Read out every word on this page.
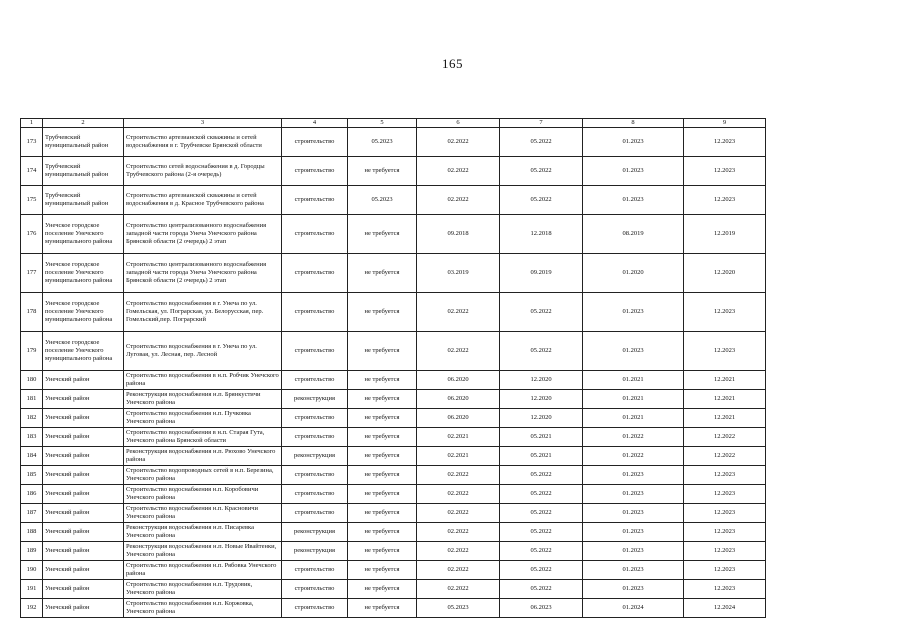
165
1	2	3	4	5	6	7	8	9
173	Трубчевский муниципальный район	Строительство артезианской скважины и сетей водоснабжения в г. Трубчевске Брянской области	строительство	05.2023	02.2022	05.2022	01.2023	12.2023
174	Трубчевский муниципальный район	Строительство сетей водоснабжения в д. Городцы Трубчевского района (2-я очередь)	строительство	не требуется	02.2022	05.2022	01.2023	12.2023
175	Трубчевский муниципальный район	Строительство артезианской скважины и сетей водоснабжения в д. Красное Трубчевского района	строительство	05.2023	02.2022	05.2022	01.2023	12.2023
176	Унечское городское поселение Унечского муниципального района	Строительство централизованного водоснабжения западной части города Унеча Унечского района Брянской области (2 очередь) 2 этап	строительство	не требуется	09.2018	12.2018	08.2019	12.2019
177	Унечское городское поселение Унечского муниципального района	Строительство централизованного водоснабжения западной части города Унеча Унечского района Брянской области (2 очередь) 2 этап	строительство	не требуется	03.2019	09.2019	01.2020	12.2020
178	Унечское городское поселение Унечского муниципального района	Строительство водоснабжения в г. Унеча по ул. Гомельская, ул. Пограрская, ул. Белорусская, пер. Гомельский,пер. Пограрский	строительство	не требуется	02.2022	05.2022	01.2023	12.2023
179	Унечское городское поселение Унечского муниципального района	Строительство водоснабжения в г. Унеча по ул. Луговая, ул. Лесная, пер. Лесной	строительство	не требуется	02.2022	05.2022	01.2023	12.2023
180	Унечский район	Строительство водоснабжения в н.п. Робчик Унечского района	строительство	не требуется	06.2020	12.2020	01.2021	12.2021
181	Унечский район	Реконструкция водоснабжения н.п. Брянкустичи Унечского района	реконструкция	не требуется	06.2020	12.2020	01.2021	12.2021
182	Унечский район	Строительство водоснабжения н.п. Пучковка Унечского района	строительство	не требуется	06.2020	12.2020	01.2021	12.2021
183	Унечский район	Строительство водоснабжения в н.п. Старая Гута, Унечского района Брянской области	строительство	не требуется	02.2021	05.2021	01.2022	12.2022
184	Унечский район	Реконструкция водоснабжения н.п. Рюхово Унечского района	реконструкция	не требуется	02.2021	05.2021	01.2022	12.2022
185	Унечский район	Строительство водопроводных сетей в н.п. Березина, Унечского района	строительство	не требуется	02.2022	05.2022	01.2023	12.2023
186	Унечский район	Строительство водоснабжения н.п. Коробовичи Унечского района	строительство	не требуется	02.2022	05.2022	01.2023	12.2023
187	Унечский район	Строительство водоснабжения н.п. Красновичи Унечского района	строительство	не требуется	02.2022	05.2022	01.2023	12.2023
188	Унечский район	Реконструкция водоснабжения н.п. Писаревка Унечского района	реконструкция	не требуется	02.2022	05.2022	01.2023	12.2023
189	Унечский район	Реконструкция водоснабжения н.п. Новые Ивайтенки, Унечского района	реконструкция	не требуется	02.2022	05.2022	01.2023	12.2023
190	Унечский район	Строительство водоснабжения н.п. Рябовка Унечского района	строительство	не требуется	02.2022	05.2022	01.2023	12.2023
191	Унечский район	Строительство водоснабжения н.п. Трудовик, Унечского района	строительство	не требуется	02.2022	05.2022	01.2023	12.2023
192	Унечский район	Строительство водоснабжения н.п. Коржовка, Унечского района	строительство	не требуется	05.2023	06.2023	01.2024	12.2024
